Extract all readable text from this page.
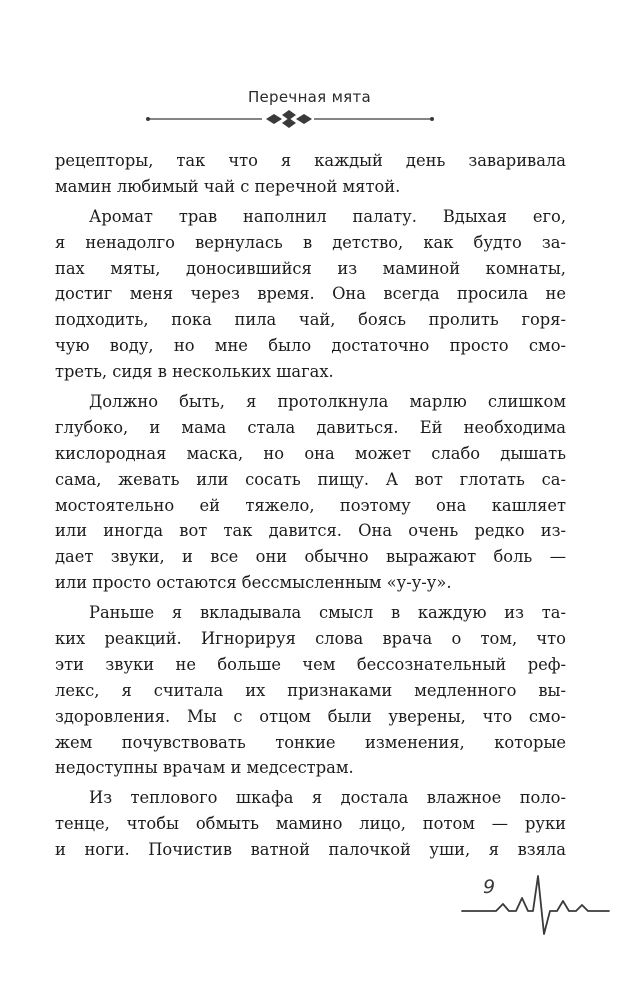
Перечная мята
рецепторы, так что я каждый день заваривала
мамин любимый чай с перечной мятой.
Аромат трав наполнил палату. Вдыхая его,
я ненадолго вернулась в детство, как будто за-
пах мяты, доносившийся из маминой комнаты,
достиг меня через время. Она всегда просила не
подходить, пока пила чай, боясь пролить горя-
чую воду, но мне было достаточно просто смо-
треть, сидя в нескольких шагах.
Должно быть, я протолкнула марлю слишком
глубоко, и мама стала давиться. Ей необходима
кислородная маска, но она может слабо дышать
сама, жевать или сосать пищу. А вот глотать са-
мостоятельно ей тяжело, поэтому она кашляет
или иногда вот так давится. Она очень редко из-
дает звуки, и все они обычно выражают боль —
или просто остаются бессмысленным «у-у-у».
Раньше я вкладывала смысл в каждую из та-
ких реакций. Игнорируя слова врача о том, что
эти звуки не больше чем бессознательный реф-
лекс, я считала их признаками медленного вы-
здоровления. Мы с отцом были уверены, что смо-
жем почувствовать тонкие изменения, которые
недоступны врачам и медсестрам.
Из теплового шкафа я достала влажное поло-
тенце, чтобы обмыть мамино лицо, потом — руки
и ноги. Почистив ватной палочкой уши, я взяла
9
